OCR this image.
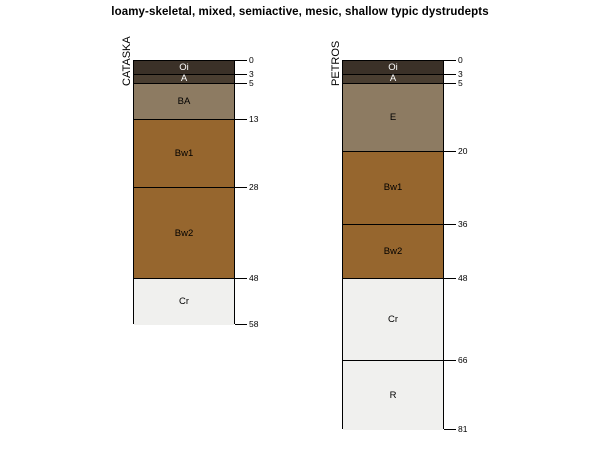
loamy-skeletal, mixed, semiactive, mesic, shallow typic dystrudepts
CATASKA	Oi
A
BA
Bw1
Bw2
Cr
0
3
5
13
28
48
58
PETROS	Oi
A
E
Bw1
Bw2
Cr
R
0
3
5
20
36
48
66
81
